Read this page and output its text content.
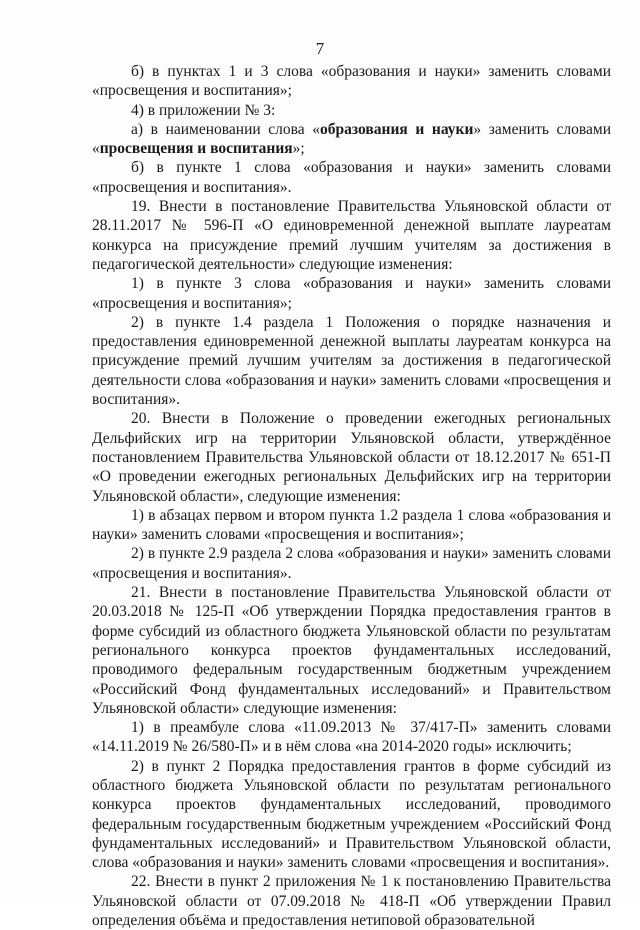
7

б) в пунктах 1 и 3 слова «образования и науки» заменить словами «просвещения и воспитания»;

4) в приложении № 3:

а) в наименовании слова «образования и науки» заменить словами «просвещения и воспитания»;

б) в пункте 1 слова «образования и науки» заменить словами «просвещения и воспитания».

19. Внести в постановление Правительства Ульяновской области от 28.11.2017 № 596-П «О единовременной денежной выплате лауреатам конкурса на присуждение премий лучшим учителям за достижения в педагогической деятельности» следующие изменения:

1) в пункте 3 слова «образования и науки» заменить словами «просвещения и воспитания»;

2) в пункте 1.4 раздела 1 Положения о порядке назначения и предоставления единовременной денежной выплаты лауреатам конкурса на присуждение премий лучшим учителям за достижения в педагогической деятельности слова «образования и науки» заменить словами «просвещения и воспитания».

20. Внести в Положение о проведении ежегодных региональных Дельфийских игр на территории Ульяновской области, утверждённое постановлением Правительства Ульяновской области от 18.12.2017 № 651-П «О проведении ежегодных региональных Дельфийских игр на территории Ульяновской области», следующие изменения:

1) в абзацах первом и втором пункта 1.2 раздела 1 слова «образования и науки» заменить словами «просвещения и воспитания»;

2) в пункте 2.9 раздела 2 слова «образования и науки» заменить словами «просвещения и воспитания».

21. Внести в постановление Правительства Ульяновской области от 20.03.2018 № 125-П «Об утверждении Порядка предоставления грантов в форме субсидий из областного бюджета Ульяновской области по результатам регионального конкурса проектов фундаментальных исследований, проводимого федеральным государственным бюджетным учреждением «Российский Фонд фундаментальных исследований» и Правительством Ульяновской области» следующие изменения:

1) в преамбуле слова «11.09.2013 № 37/417-П» заменить словами «14.11.2019 № 26/580-П» и в нём слова «на 2014-2020 годы» исключить;

2) в пункт 2 Порядка предоставления грантов в форме субсидий из областного бюджета Ульяновской области по результатам регионального конкурса проектов фундаментальных исследований, проводимого федеральным государственным бюджетным учреждением «Российский Фонд фундаментальных исследований» и Правительством Ульяновской области, слова «образования и науки» заменить словами «просвещения и воспитания».

22. Внести в пункт 2 приложения № 1 к постановлению Правительства Ульяновской области от 07.09.2018 № 418-П «Об утверждении Правил определения объёма и предоставления нетиповой образовательной
